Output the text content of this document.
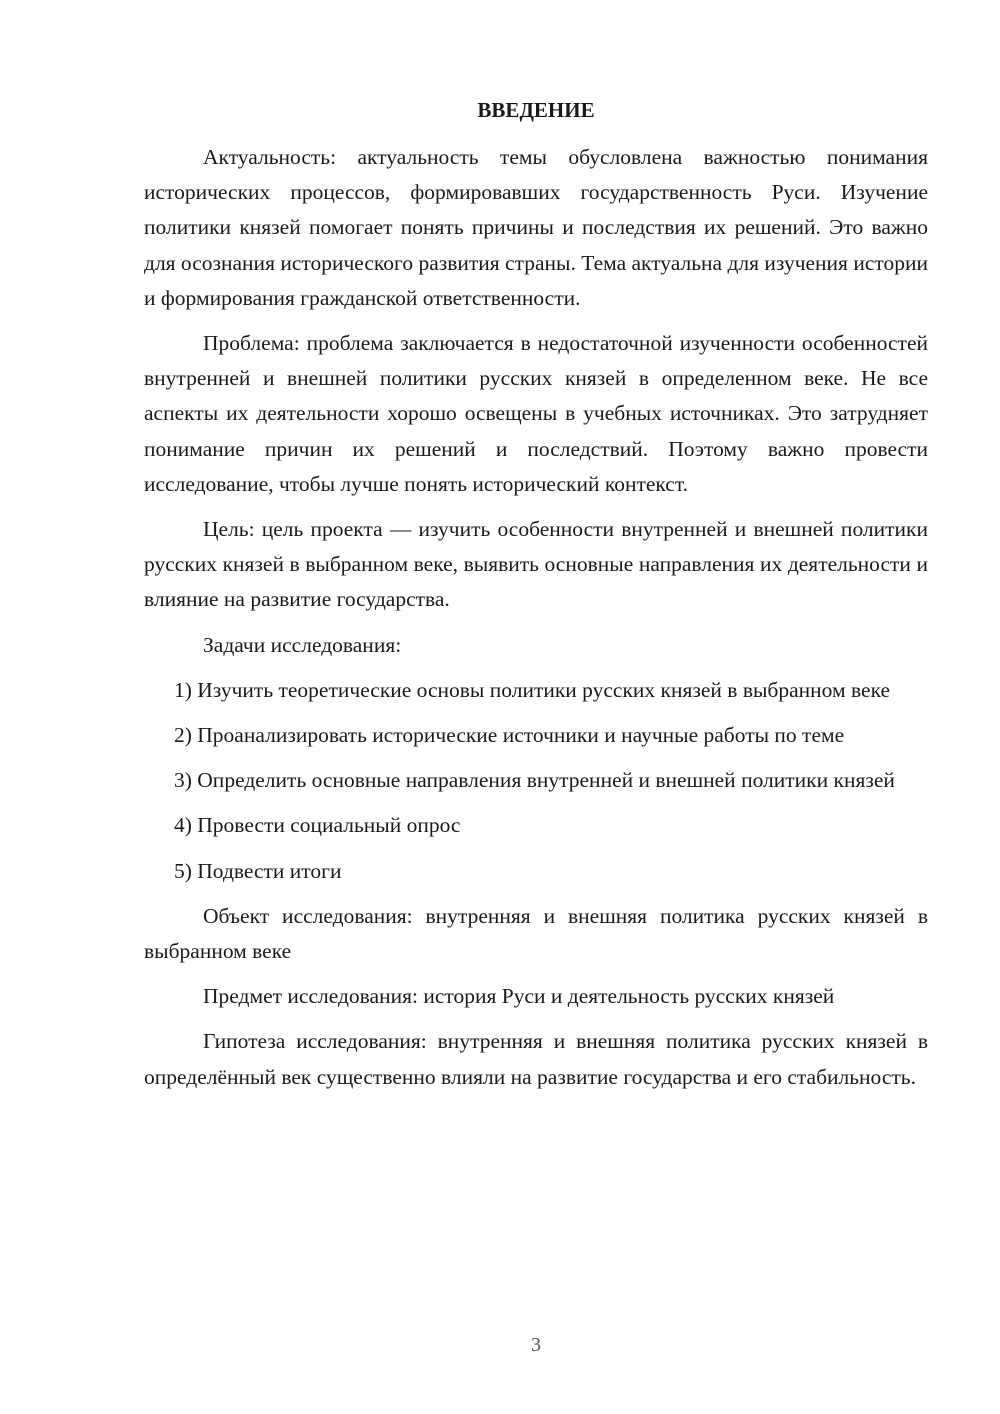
ВВЕДЕНИЕ

Актуальность: актуальность темы обусловлена важностью понимания исторических процессов, формировавших государственность Руси. Изучение политики князей помогает понять причины и последствия их решений. Это важно для осознания исторического развития страны. Тема актуальна для изучения истории и формирования гражданской ответственности.

Проблема: проблема заключается в недостаточной изученности особенностей внутренней и внешней политики русских князей в определенном веке. Не все аспекты их деятельности хорошо освещены в учебных источниках. Это затрудняет понимание причин их решений и последствий. Поэтому важно провести исследование, чтобы лучше понять исторический контекст.

Цель: цель проекта — изучить особенности внутренней и внешней политики русских князей в выбранном веке, выявить основные направления их деятельности и влияние на развитие государства.

Задачи исследования:

1) Изучить теоретические основы политики русских князей в выбранном веке

2) Проанализировать исторические источники и научные работы по теме

3) Определить основные направления внутренней и внешней политики князей

4) Провести социальный опрос

5) Подвести итоги

Объект исследования: внутренняя и внешняя политика русских князей в выбранном веке

Предмет исследования: история Руси и деятельность русских князей

Гипотеза исследования: внутренняя и внешняя политика русских князей в определённый век существенно влияли на развитие государства и его стабильность.

3
